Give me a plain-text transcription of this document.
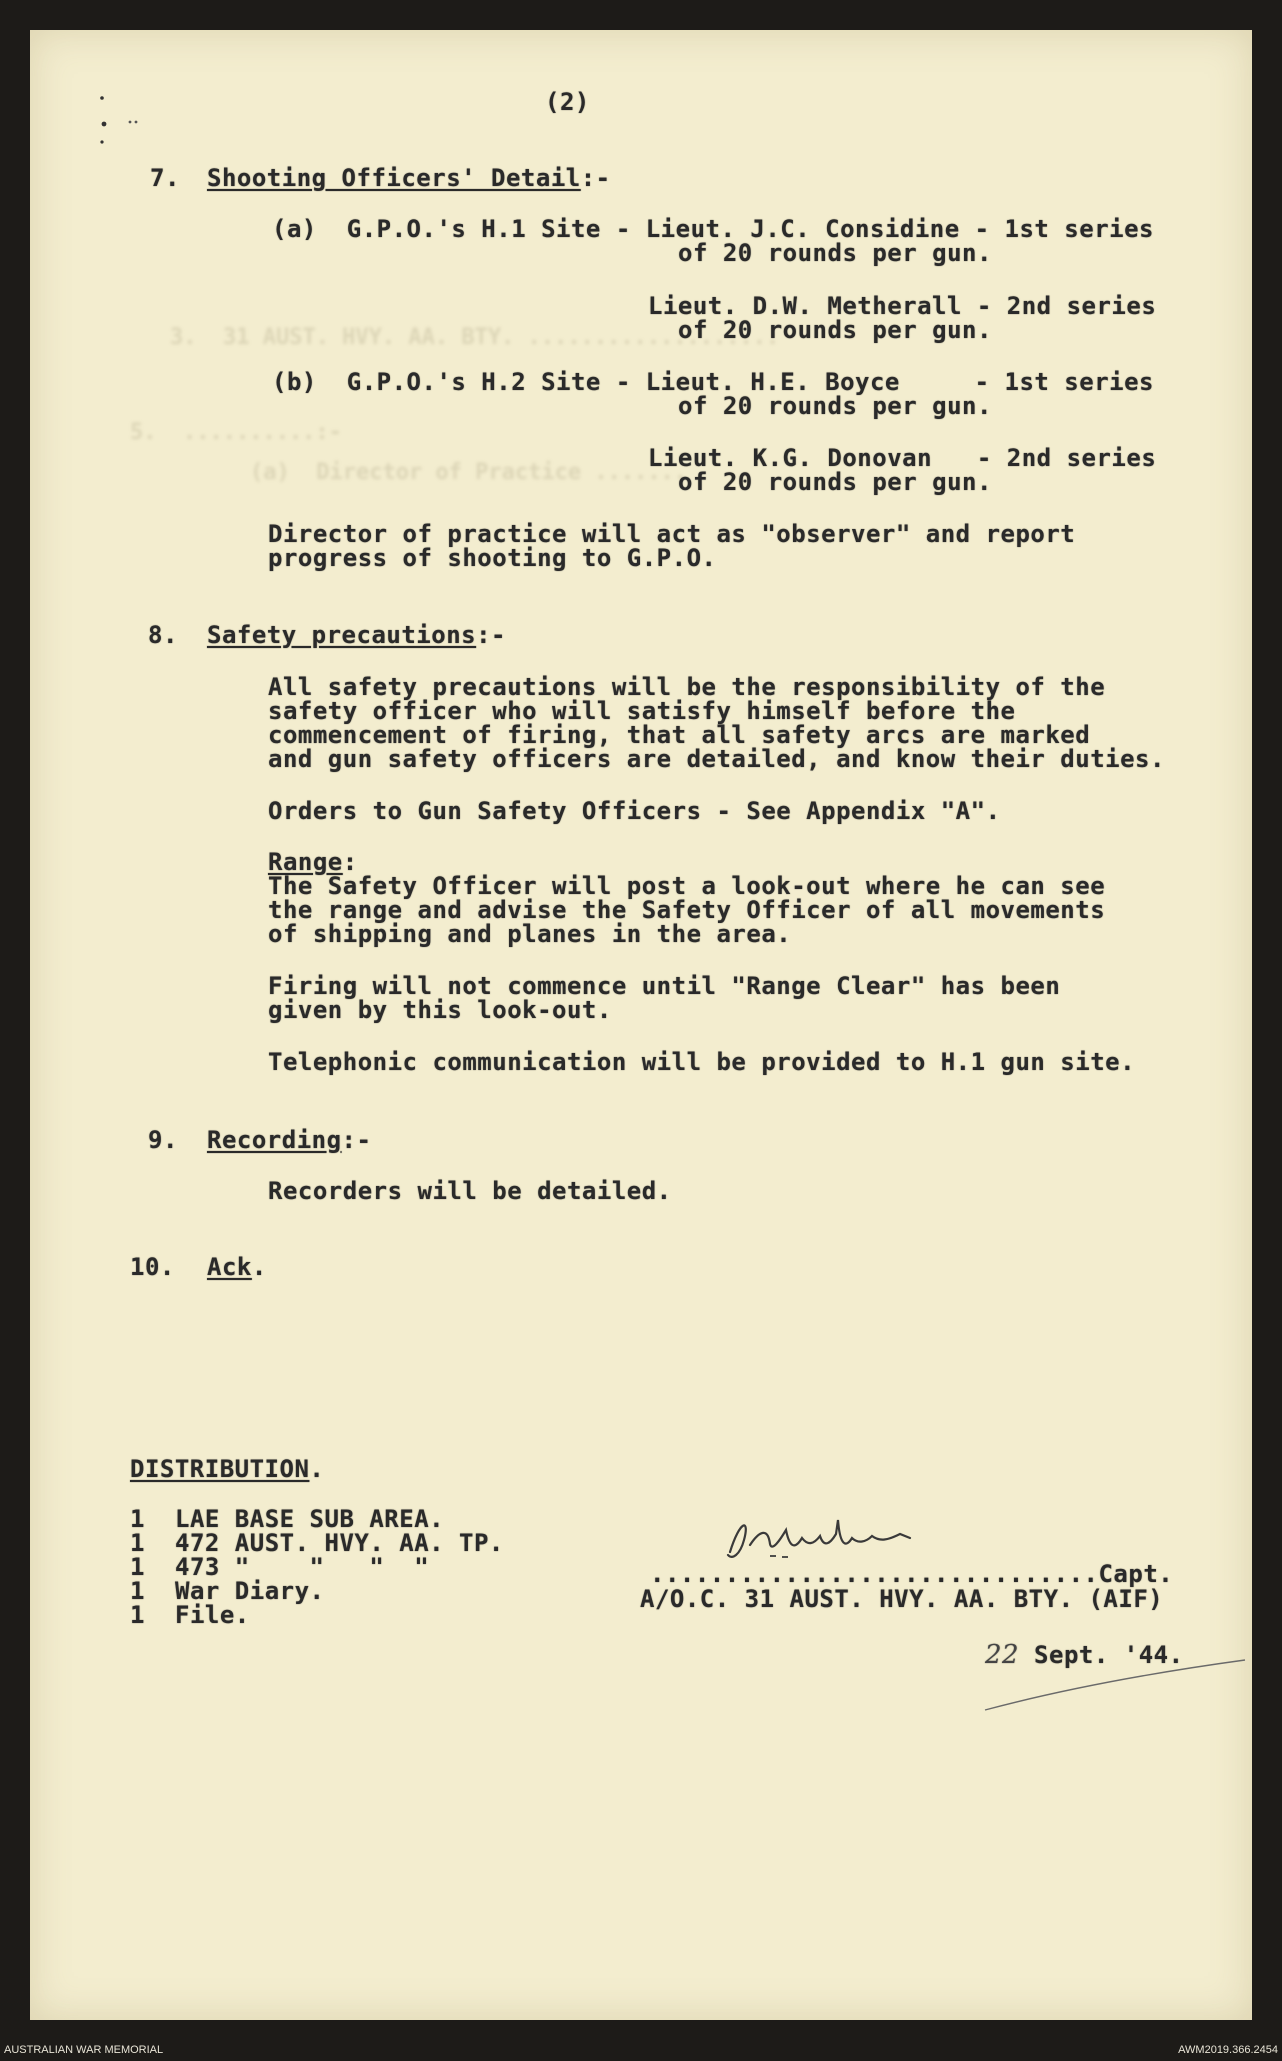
3.  31 AUST. HVY. AA. BTY. ...................
5.  ..........:-
(a)  Director of Practice .......
(2)
7. Shooting Officers' Detail:-
(a)  G.P.O.'s H.1 Site - Lieut. J.C. Considine - 1st series
of 20 rounds per gun.
Lieut. D.W. Metherall - 2nd series
of 20 rounds per gun.
(b)  G.P.O.'s H.2 Site - Lieut. H.E. Boyce     - 1st series
of 20 rounds per gun.
Lieut. K.G. Donovan   - 2nd series
of 20 rounds per gun.
Director of practice will act as "observer" and report
progress of shooting to G.P.O.
8. Safety precautions:-
All safety precautions will be the responsibility of the
safety officer who will satisfy himself before the
commencement of firing, that all safety arcs are marked
and gun safety officers are detailed, and know their duties.
Orders to Gun Safety Officers - See Appendix "A".
Range:
The Safety Officer will post a look-out where he can see
the range and advise the Safety Officer of all movements
of shipping and planes in the area.
Firing will not commence until "Range Clear" has been
given by this look-out.
Telephonic communication will be provided to H.1 gun site.
9. Recording:-
Recorders will be detailed.
10. Ack.
DISTRIBUTION.
1 LAE BASE SUB AREA.
1 472 AUST. HVY. AA. TP.
1 473 "    "   "  "
1 War Diary.
1 File.
..............................Capt.
A/O.C. 31 AUST. HVY. AA. BTY. (AIF)
22 Sept. '44.
AUSTRALIAN WAR MEMORIAL	AWM2019.366.2454
